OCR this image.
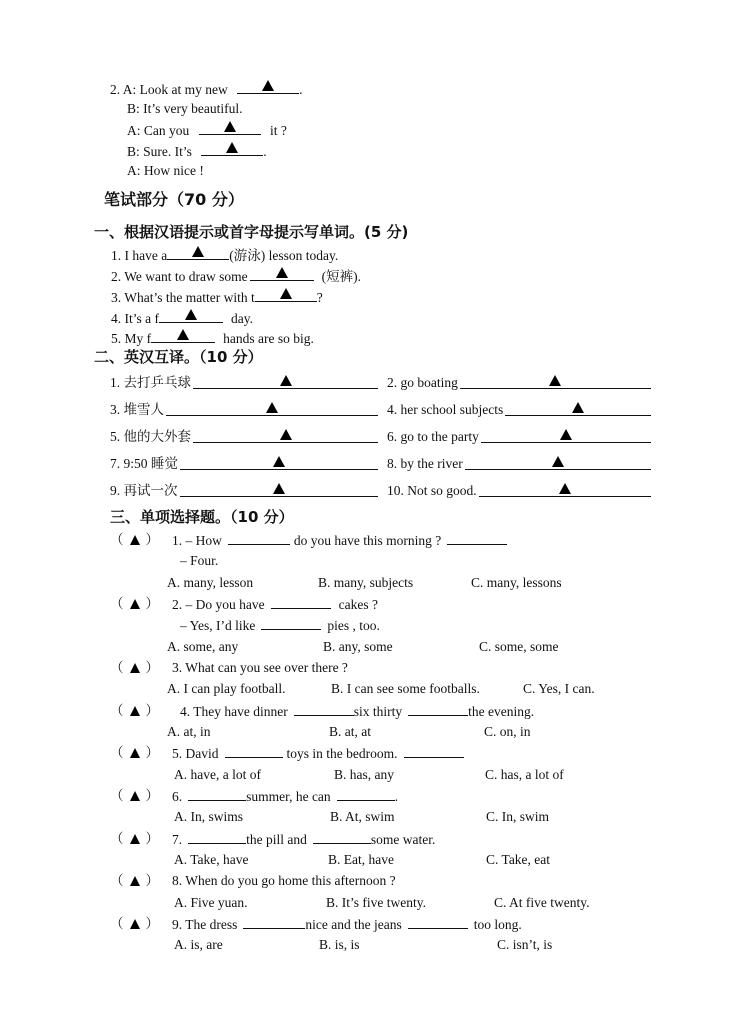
2. A: Look at my new	.
B: It’s very beautiful.
A: Can you	it ?
B: Sure. It’s	.
A: How nice !
笔试部分（70 分）
一、根据汉语提示或首字母提示写单词。(5 分)
1. I have a	(游泳) lesson today.
2. We want to draw some	(短裤).
3. What’s the matter with t	?
4. It’s a f	day.
5. My f	hands are so big.
二、英汉互译。（10 分）
1. 去打乒乓球	2. go boating
3. 堆雪人	4. her school subjects
5. 他的大外套	6. go to the party
7. 9:50 睡觉	8. by the river
9. 再试一次	10. Not so good.
三、单项选择题。（10 分）
（ ） 1. – How	do you have this morning ?
– Four.
A. many, lesson	B. many, subjects	C. many, lessons
（ ） 2. – Do you have	cakes ?
– Yes, I’d like	pies , too.
A. some, any	B. any, some	C. some, some
（ ） 3. What can you see over there ?
A. I can play football.	B. I can see some footballs.	C. Yes, I can.
（ ） 4. They have dinner	six thirty	the evening.
A. at, in	B. at, at	C. on, in
（ ） 5. David	toys in the bedroom.
A. have, a lot of	B. has, any	C. has, a lot of
（ ） 6.	summer, he can	.
A. In, swims	B. At, swim	C. In, swim
（ ） 7.	the pill and	some water.
A. Take, have	B. Eat, have	C. Take, eat
（ ） 8. When do you go home this afternoon ?
A. Five yuan.	B. It’s five twenty.	C. At five twenty.
（ ） 9. The dress	nice and the jeans	too long.
A. is, are	B. is, is	C. isn’t, is
